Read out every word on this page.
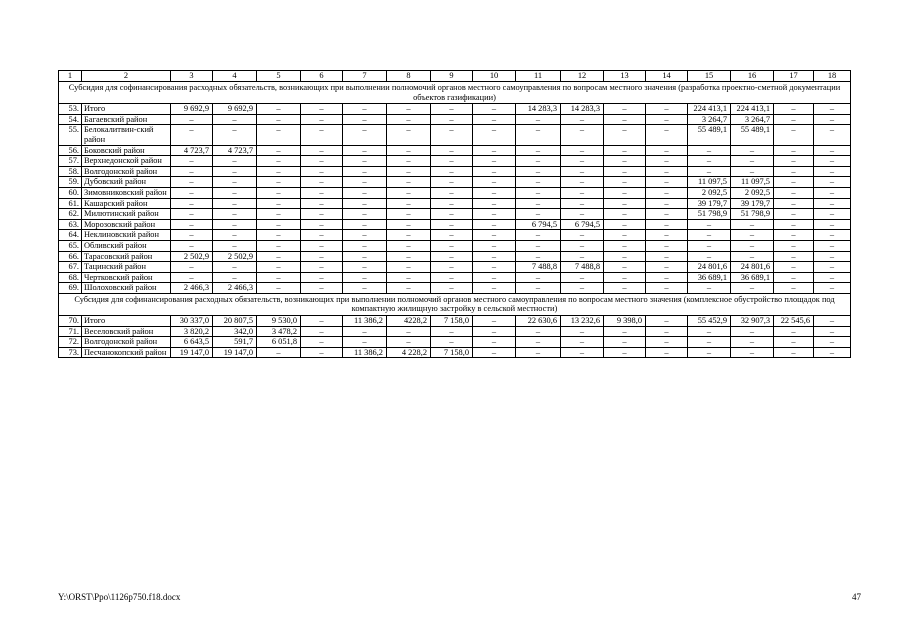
1	2	3	4	5	6	7	8	9	10	11	12	13	14	15	16	17	18
Субсидия для софинансирования расходных обязательств, возникающих при выполнении полномочий органов местного самоуправления по вопросам местного значения (разработка проектно-сметной документации объектов газификации)																	
53.	Итого	9 692,9	9 692,9	–	–	–	–	–	–	14 283,3	14 283,3	–	–	224 413,1	224 413,1	–	–
54.	Багаевский район	–	–	–	–	–	–	–	–	–	–	–	–	3 264,7	3 264,7	–	–
55.	Белокалитвин-ский район	–	–	–	–	–	–	–	–	–	–	–	–	55 489,1	55 489,1	–	–
56.	Боковский район	4 723,7	4 723,7	–	–	–	–	–	–	–	–	–	–	–	–	–	–
57.	Верхнедонской район	–	–	–	–	–	–	–	–	–	–	–	–	–	–	–	–
58.	Волгодонской район	–	–	–	–	–	–	–	–	–	–	–	–	–	–	–	–
59.	Дубовский район	–	–	–	–	–	–	–	–	–	–	–	–	11 097,5	11 097,5	–	–
60.	Зимовниковский район	–	–	–	–	–	–	–	–	–	–	–	–	2 092,5	2 092,5	–	–
61.	Кашарский район	–	–	–	–	–	–	–	–	–	–	–	–	39 179,7	39 179,7	–	–
62.	Милютинский район	–	–	–	–	–	–	–	–	–	–	–	–	51 798,9	51 798,9	–	–
63.	Морозовский район	–	–	–	–	–	–	–	–	6 794,5	6 794,5	–	–	–	–	–	–
64.	Неклиновский район	–	–	–	–	–	–	–	–	–	–	–	–	–	–	–	–
65.	Обливский район	–	–	–	–	–	–	–	–	–	–	–	–	–	–	–	–
66.	Тарасовский район	2 502,9	2 502,9	–	–	–	–	–	–	–	–	–	–	–	–	–	–
67.	Тацинский район	–	–	–	–	–	–	–	–	7 488,8	7 488,8	–	–	24 801,6	24 801,6	–	–
68.	Чертковский район	–	–	–	–	–	–	–	–	–	–	–	–	36 689,1	36 689,1	–	–
69.	Шолоховский район	2 466,3	2 466,3	–	–	–	–	–	–	–	–	–	–	–	–	–	–
Субсидия для софинансирования расходных обязательств, возникающих при выполнении полномочий органов местного самоуправления по вопросам местного значения (комплексное обустройство площадок под компактную жилищную застройку в сельской местности)																	
70.	Итого	30 337,0	20 807,5	9 530,0	–	11 386,2	4228,2	7 158,0	–	22 630,6	13 232,6	9 398,0	–	55 452,9	32 907,3	22 545,6	–
71.	Веселовский район	3 820,2	342,0	3 478,2	–	–	–	–	–	–	–	–	–	–	–	–	–
72.	Волгодонской район	6 643,5	591,7	6 051,8	–	–	–	–	–	–	–	–	–	–	–	–	–
73.	Песчанокопский район	19 147,0	19 147,0	–	–	11 386,2	4 228,2	7 158,0	–	–	–	–	–	–	–	–	–
Y:\ORST\Ppo\1126p750.f18.docx	47
